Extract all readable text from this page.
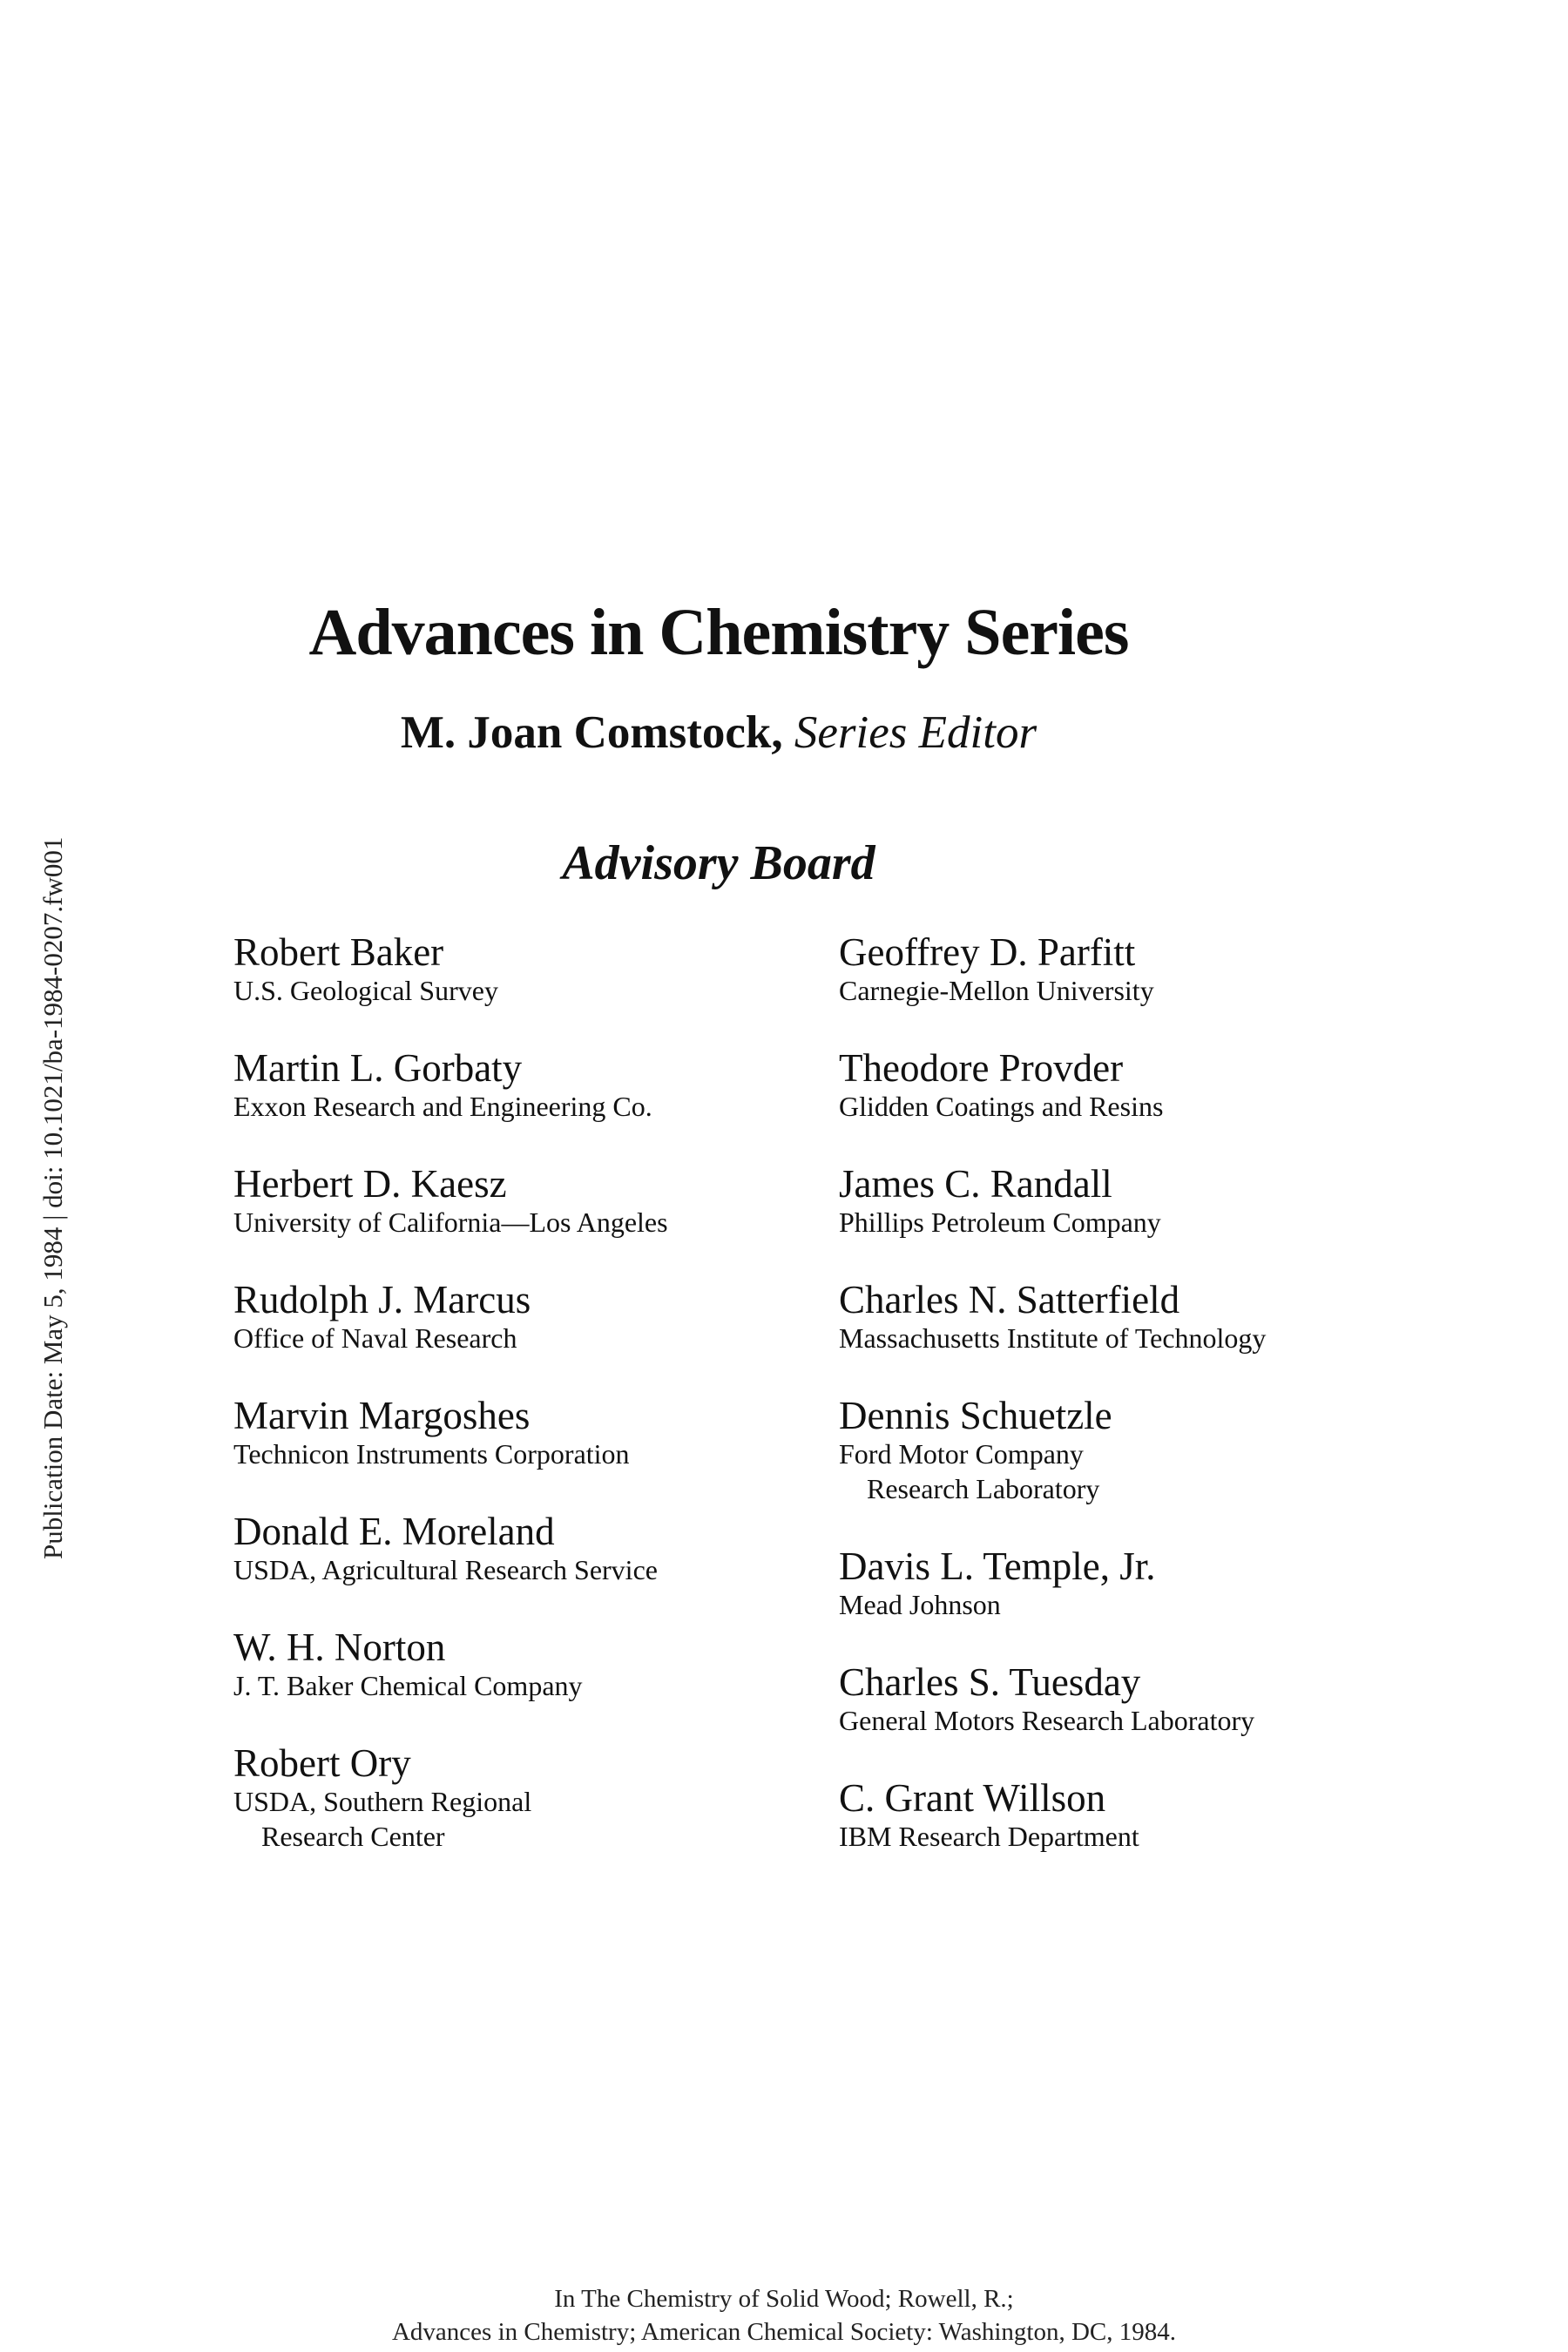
Publication Date: May 5, 1984 | doi: 10.1021/ba-1984-0207.fw001
Advances in Chemistry Series
M. Joan Comstock, Series Editor
Advisory Board
Robert Baker
U.S. Geological Survey
Martin L. Gorbaty
Exxon Research and Engineering Co.
Herbert D. Kaesz
University of California—Los Angeles
Rudolph J. Marcus
Office of Naval Research
Marvin Margoshes
Technicon Instruments Corporation
Donald E. Moreland
USDA, Agricultural Research Service
W. H. Norton
J. T. Baker Chemical Company
Robert Ory
USDA, Southern Regional
Research Center
Geoffrey D. Parfitt
Carnegie-Mellon University
Theodore Provder
Glidden Coatings and Resins
James C. Randall
Phillips Petroleum Company
Charles N. Satterfield
Massachusetts Institute of Technology
Dennis Schuetzle
Ford Motor Company
Research Laboratory
Davis L. Temple, Jr.
Mead Johnson
Charles S. Tuesday
General Motors Research Laboratory
C. Grant Willson
IBM Research Department
In The Chemistry of Solid Wood; Rowell, R.;
Advances in Chemistry; American Chemical Society: Washington, DC, 1984.
